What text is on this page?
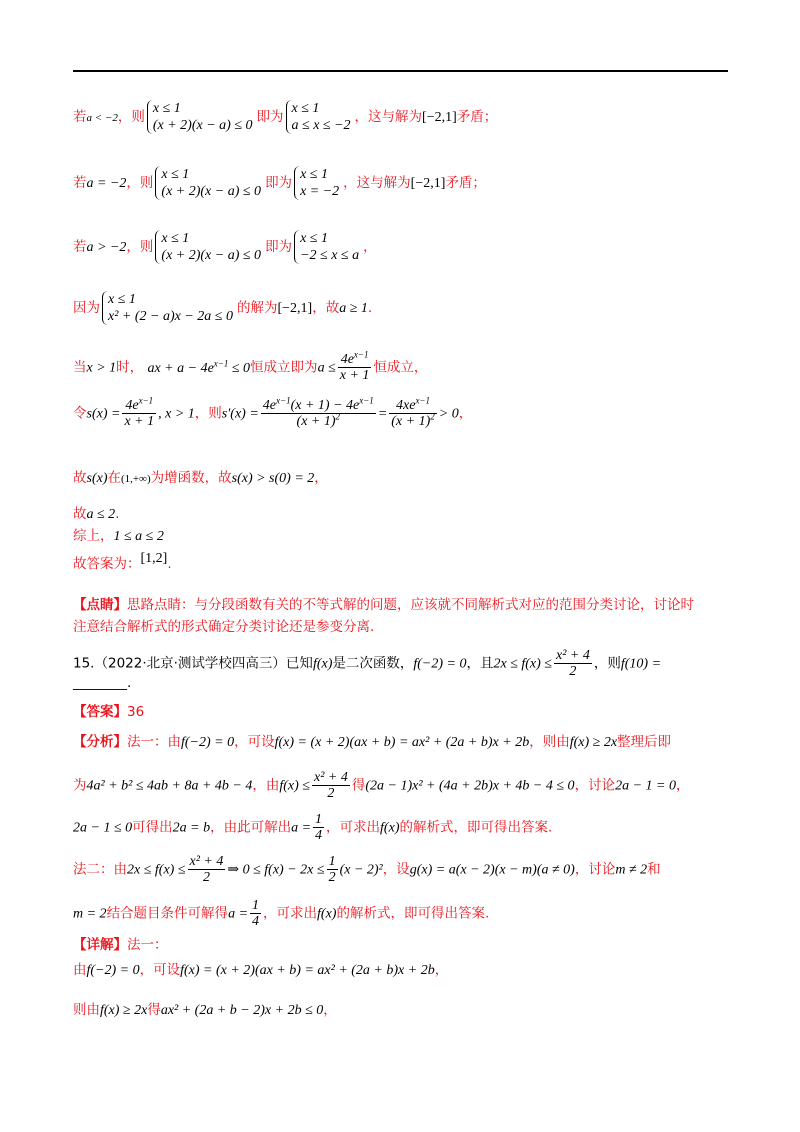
若a < −2，则
x ≤ 1
(x + 2)(x − a) ≤ 0
即为
x ≤ 1
a ≤ x ≤ −2
，这与解为[−2,1]矛盾；
若a = −2，则
x ≤ 1
(x + 2)(x − a) ≤ 0
即为
x ≤ 1
x = −2
，这与解为[−2,1]矛盾；
若a > −2，则
x ≤ 1
(x + 2)(x − a) ≤ 0
即为
x ≤ 1
−2 ≤ x ≤ a
，
因为
x ≤ 1
x² + (2 − a)x − 2a ≤ 0
的解为[−2,1]，故a ≥ 1.
当x > 1时， ax + $a - 4e^{x-1} \le 0$恒成立即为$a \le \frac{4e^{x-1}}{x + 1}$ 恒成立，
令$s(x) = \frac{4e^{x-1}}{x + 1}$ , x > 1，则$s'(x) = \frac{4e^{x-1}(x + 1) - 4e^{x-1}}{(x + 1)^2} = \frac{4xe^{x-1}}{(x + 1)^2} > 0$，
故s(x)在(1,+∞)为增函数，故s(x) > s(0) = 2，
故a ≤ 2.
综上，1 ≤ a ≤ 2
故答案为：[1,2].
【点睛】思路点睛：与分段函数有关的不等式解的问题，应该就不同解析式对应的范围分类讨论，讨论时
注意结合解析式的形式确定分类讨论还是参变分离.
15.（2022·北京·测试学校四高三）已知f(x)是二次函数，f(−2) = 0，且$2x \le f(x) \le \frac{\text{x² + 4}}{2}$ ，则f(10) =
________.
【答案】36
【分析】法一：由f(−2) = 0，可设f(x) = (x + 2)(ax + b) = ax² + (2a + b)x + 2b，则由f(x) ≥ 2x整理后即
为4a² + b² ≤ 4ab + 8a + 4b − 4，由$f(x) \le \frac{\text{x² + 4}}{2}$ 得(2a − 1)x² + (4a + 2b)x + 4b − 4 ≤ 0，讨论2a − 1 = 0，
2a − 1 ≤ 0可得出2a = b，由此可解出$a = \frac{1}{4}$ ，可求出f(x)的解析式，即可得出答案.
法二：由$2x \le f(x) \le \frac{\text{x² + 4}}{2}$ ⇒ $0 \le f(x) - 2x \le \frac{1}{2} (x - 2)^2$，设g(x) = a(x − 2)(x − m)(a ≠ 0)，讨论m ≠ 2和
m = 2结合题目条件可解得$a = \frac{1}{4}$ ，可求出f(x)的解析式，即可得出答案.
【详解】法一：
由f(−2) = 0，可设f(x) = (x + 2)(ax + b) = ax² + (2a + b)x + 2b，
则由f(x) ≥ 2x得ax² + (2a + b − 2)x + 2b ≤ 0，
